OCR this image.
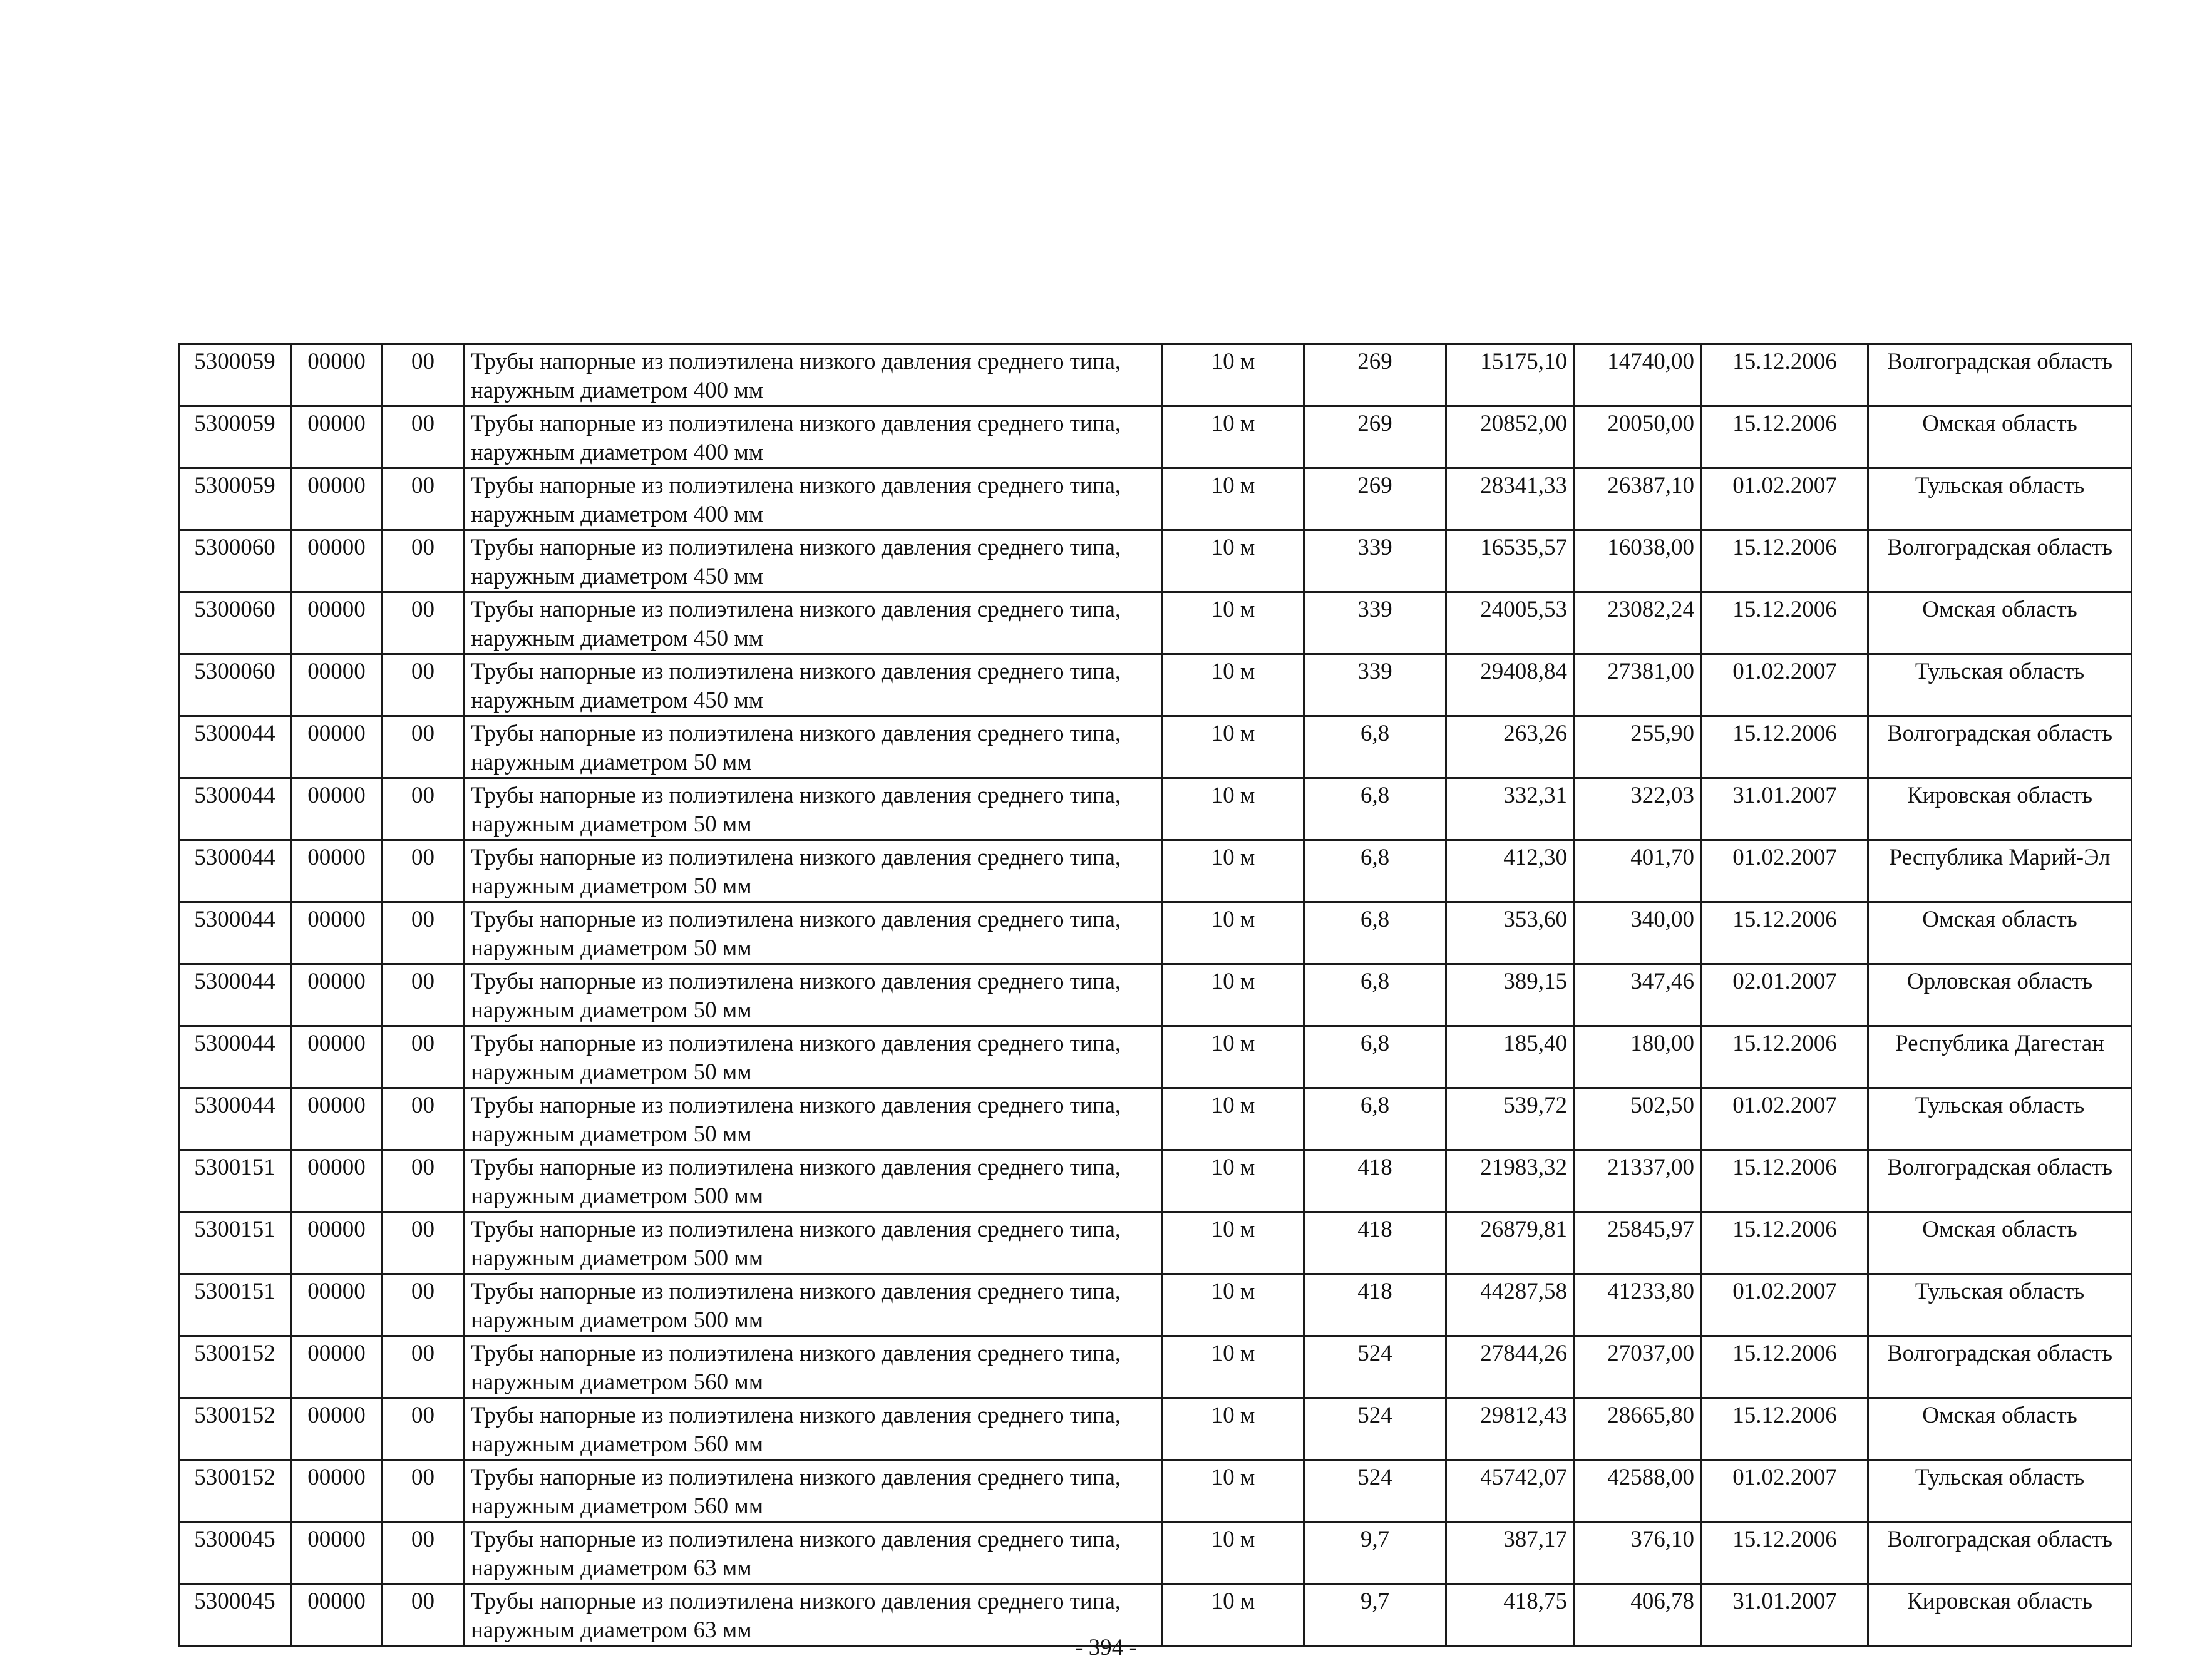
5300059	00000	00	Трубы напорные из полиэтилена низкого давления среднего типа, наружным диаметром 400 мм	10 м	269	15175,10	14740,00	15.12.2006	Волгоградская область
5300059	00000	00	Трубы напорные из полиэтилена низкого давления среднего типа, наружным диаметром 400 мм	10 м	269	20852,00	20050,00	15.12.2006	Омская область
5300059	00000	00	Трубы напорные из полиэтилена низкого давления среднего типа, наружным диаметром 400 мм	10 м	269	28341,33	26387,10	01.02.2007	Тульская область
5300060	00000	00	Трубы напорные из полиэтилена низкого давления среднего типа, наружным диаметром 450 мм	10 м	339	16535,57	16038,00	15.12.2006	Волгоградская область
5300060	00000	00	Трубы напорные из полиэтилена низкого давления среднего типа, наружным диаметром 450 мм	10 м	339	24005,53	23082,24	15.12.2006	Омская область
5300060	00000	00	Трубы напорные из полиэтилена низкого давления среднего типа, наружным диаметром 450 мм	10 м	339	29408,84	27381,00	01.02.2007	Тульская область
5300044	00000	00	Трубы напорные из полиэтилена низкого давления среднего типа, наружным диаметром 50 мм	10 м	6,8	263,26	255,90	15.12.2006	Волгоградская область
5300044	00000	00	Трубы напорные из полиэтилена низкого давления среднего типа, наружным диаметром 50 мм	10 м	6,8	332,31	322,03	31.01.2007	Кировская область
5300044	00000	00	Трубы напорные из полиэтилена низкого давления среднего типа, наружным диаметром 50 мм	10 м	6,8	412,30	401,70	01.02.2007	Республика Марий-Эл
5300044	00000	00	Трубы напорные из полиэтилена низкого давления среднего типа, наружным диаметром 50 мм	10 м	6,8	353,60	340,00	15.12.2006	Омская область
5300044	00000	00	Трубы напорные из полиэтилена низкого давления среднего типа, наружным диаметром 50 мм	10 м	6,8	389,15	347,46	02.01.2007	Орловская область
5300044	00000	00	Трубы напорные из полиэтилена низкого давления среднего типа, наружным диаметром 50 мм	10 м	6,8	185,40	180,00	15.12.2006	Республика Дагестан
5300044	00000	00	Трубы напорные из полиэтилена низкого давления среднего типа, наружным диаметром 50 мм	10 м	6,8	539,72	502,50	01.02.2007	Тульская область
5300151	00000	00	Трубы напорные из полиэтилена низкого давления среднего типа, наружным диаметром 500 мм	10 м	418	21983,32	21337,00	15.12.2006	Волгоградская область
5300151	00000	00	Трубы напорные из полиэтилена низкого давления среднего типа, наружным диаметром 500 мм	10 м	418	26879,81	25845,97	15.12.2006	Омская область
5300151	00000	00	Трубы напорные из полиэтилена низкого давления среднего типа, наружным диаметром 500 мм	10 м	418	44287,58	41233,80	01.02.2007	Тульская область
5300152	00000	00	Трубы напорные из полиэтилена низкого давления среднего типа, наружным диаметром 560 мм	10 м	524	27844,26	27037,00	15.12.2006	Волгоградская область
5300152	00000	00	Трубы напорные из полиэтилена низкого давления среднего типа, наружным диаметром 560 мм	10 м	524	29812,43	28665,80	15.12.2006	Омская область
5300152	00000	00	Трубы напорные из полиэтилена низкого давления среднего типа, наружным диаметром 560 мм	10 м	524	45742,07	42588,00	01.02.2007	Тульская область
5300045	00000	00	Трубы напорные из полиэтилена низкого давления среднего типа, наружным диаметром 63 мм	10 м	9,7	387,17	376,10	15.12.2006	Волгоградская область
5300045	00000	00	Трубы напорные из полиэтилена низкого давления среднего типа, наружным диаметром 63 мм	10 м	9,7	418,75	406,78	31.01.2007	Кировская область
- 394 -
